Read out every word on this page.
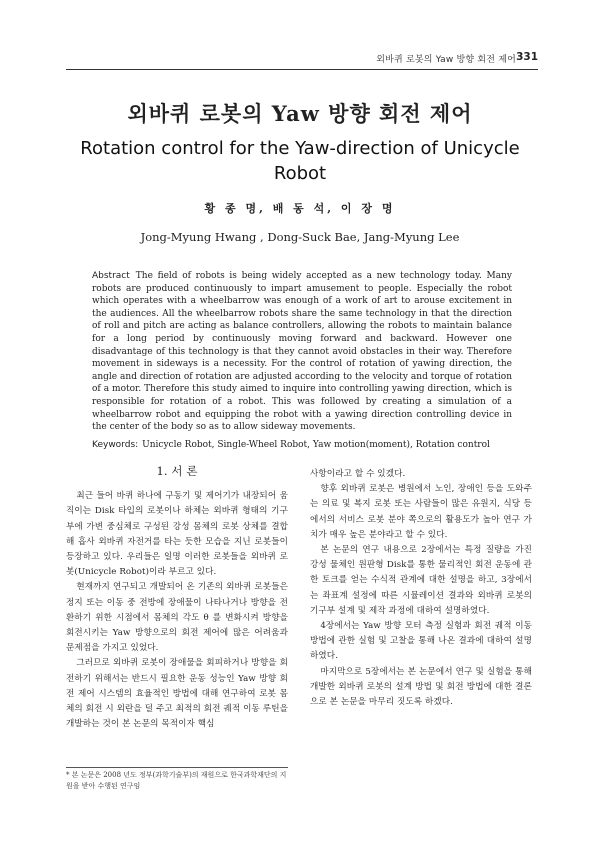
외바퀴 로봇의 Yaw 방향 회전 제어 331
외바퀴 로봇의 Yaw 방향 회전 제어
Rotation control for the Yaw-direction of Unicycle Robot
황 종 명, 배 동 석, 이 장 명
Jong-Myung Hwang , Dong-Suck Bae, Jang-Myung Lee
Abstract The field of robots is being widely accepted as a new technology today. Many robots are produced continuously to impart amusement to people. Especially the robot which operates with a wheelbarrow was enough of a work of art to arouse excitement in the audiences. All the wheelbarrow robots share the same technology in that the direction of roll and pitch are acting as balance controllers, allowing the robots to maintain balance for a long period by continuously moving forward and backward. However one disadvantage of this technology is that they cannot avoid obstacles in their way. Therefore movement in sideways is a necessity. For the control of rotation of yawing direction, the angle and direction of rotation are adjusted according to the velocity and torque of rotation of a motor. Therefore this study aimed to inquire into controlling yawing direction, which is responsible for rotation of a robot. This was followed by creating a simulation of a wheelbarrow robot and equipping the robot with a yawing direction controlling device in the center of the body so as to allow sideway movements.
Keywords: Unicycle Robot, Single-Wheel Robot, Yaw motion(moment), Rotation control
1. 서 론

최근 들어 바퀴 하나에 구동기 및 제어기가 내장되어 움직이는 Disk 타입의 로봇이나 하체는 외바퀴 형태의 기구부에 가변 중심체로 구성된 강성 몸체의 로봇 상체를 결합해 흡사 외바퀴 자전거를 타는 듯한 모습을 지닌 로봇들이 등장하고 있다. 우리들은 일명 이러한 로봇들을 외바퀴 로봇(Unicycle Robot)이라 부르고 있다.

현재까지 연구되고 개발되어 온 기존의 외바퀴 로봇들은 정지 또는 이동 중 전방에 장애물이 나타나거나 방향을 전환하기 위한 시점에서 몸체의 각도 θ 를 변화시켜 방향을 회전시키는 Yaw 방향으로의 회전 제어에 많은 어려움과 문제점을 가지고 있었다.

그러므로 외바퀴 로봇이 장애물을 회피하거나 방향을 회전하기 위해서는 반드시 필요한 운동 성능인 Yaw 방향 회전 제어 시스템의 효율적인 방법에 대해 연구하여 로봇 몸체의 회전 시 외란을 덜 주고 최적의 회전 궤적 이동 루틴을 개발하는 것이 본 논문의 목적이자 핵심

사항이라고 할 수 있겠다.

향후 외바퀴 로봇은 병원에서 노인, 장애인 등을 도와주는 의료 및 복지 로봇 또는 사람들이 많은 유원지, 식당 등에서의 서비스 로봇 분야 쪽으로의 활용도가 높아 연구 가치가 매우 높은 분야라고 할 수 있다.

본 논문의 연구 내용으로 2장에서는 특정 질량을 가진 강성 물체인 원판형 Disk를 통한 물리적인 회전 운동에 관한 토크를 얻는 수식적 관계에 대한 설명을 하고, 3장에서는 좌표계 설정에 따른 시뮬레이션 결과와 외바퀴 로봇의 기구부 설계 및 제작 과정에 대하여 설명하였다.

4장에서는 Yaw 방향 모터 측정 실험과 회전 궤적 이동방법에 관한 실험 및 고찰을 통해 나온 결과에 대하여 설명하였다.

마지막으로 5장에서는 본 논문에서 연구 및 실험을 통해 개발한 외바퀴 로봇의 설계 방법 및 회전 방법에 대한 결론으로 본 논문을 마무리 짓도록 하겠다.

* 본 논문은 2008 년도 정부(과학기술부)의 재원으로 한국과학재단의 지원을 받아 수행된 연구임
